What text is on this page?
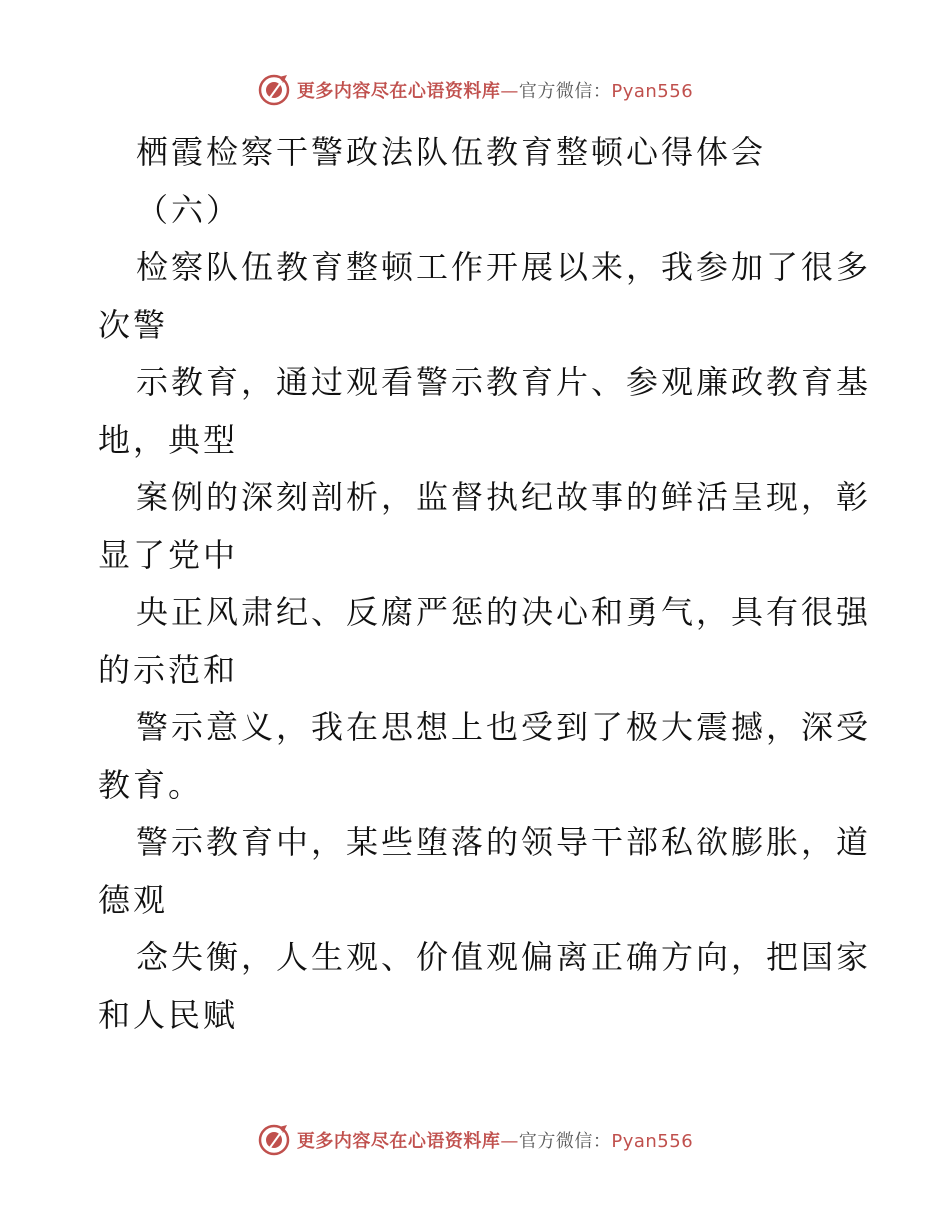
更多内容尽在心语资料库—官方微信：Pyan556
栖霞检察干警政法队伍教育整顿心得体会
（六）
检察队伍教育整顿工作开展以来，我参加了很多
次警
示教育，通过观看警示教育片、参观廉政教育基
地，典型
案例的深刻剖析，监督执纪故事的鲜活呈现，彰
显了党中
央正风肃纪、反腐严惩的决心和勇气，具有很强
的示范和
警示意义，我在思想上也受到了极大震撼，深受
教育。
警示教育中，某些堕落的领导干部私欲膨胀，道
德观
念失衡，人生观、价值观偏离正确方向，把国家
和人民赋
更多内容尽在心语资料库—官方微信：Pyan556
